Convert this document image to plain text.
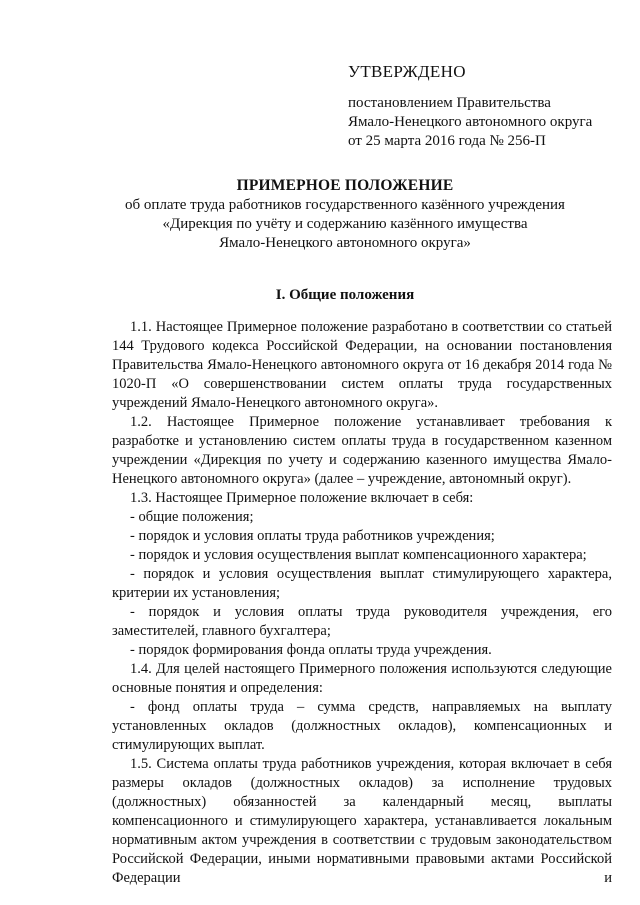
УТВЕРЖДЕНО

постановлением Правительства

Ямало-Ненецкого автономного округа

от 25 марта 2016 года № 256-П

ПРИМЕРНОЕ ПОЛОЖЕНИЕ

об оплате труда работников государственного казённого учреждения

«Дирекция по учёту и содержанию казённого имущества

Ямало-Ненецкого автономного округа»

I. Общие положения

1.1. Настоящее Примерное положение разработано в соответствии со статьей 144 Трудового кодекса Российской Федерации, на основании постановления Правительства Ямало-Ненецкого автономного округа от 16 декабря 2014 года № 1020-П «О совершенствовании систем оплаты труда государственных учреждений Ямало-Ненецкого автономного округа».

1.2. Настоящее Примерное положение устанавливает требования к разработке и установлению систем оплаты труда в государственном казенном учреждении «Дирекция по учету и содержанию казенного имущества Ямало-Ненецкого автономного округа» (далее – учреждение, автономный округ).

1.3. Настоящее Примерное положение включает в себя:

- общие положения;

- порядок и условия оплаты труда работников учреждения;

- порядок и условия осуществления выплат компенсационного характера;

- порядок и условия осуществления выплат стимулирующего характера, критерии их установления;

- порядок и условия оплаты труда руководителя учреждения, его заместителей, главного бухгалтера;

- порядок формирования фонда оплаты труда учреждения.

1.4. Для целей настоящего Примерного положения используются следующие основные понятия и определения:

- фонд оплаты труда – сумма средств, направляемых на выплату установленных окладов (должностных окладов), компенсационных и стимулирующих выплат.

1.5. Система оплаты труда работников учреждения, которая включает в себя размеры окладов (должностных окладов) за исполнение трудовых (должностных) обязанностей за календарный месяц, выплаты компенсационного и стимулирующего характера, устанавливается локальным нормативным актом учреждения в соответствии с трудовым законодательством Российской Федерации, иными нормативными правовыми актами Российской Федерации и
